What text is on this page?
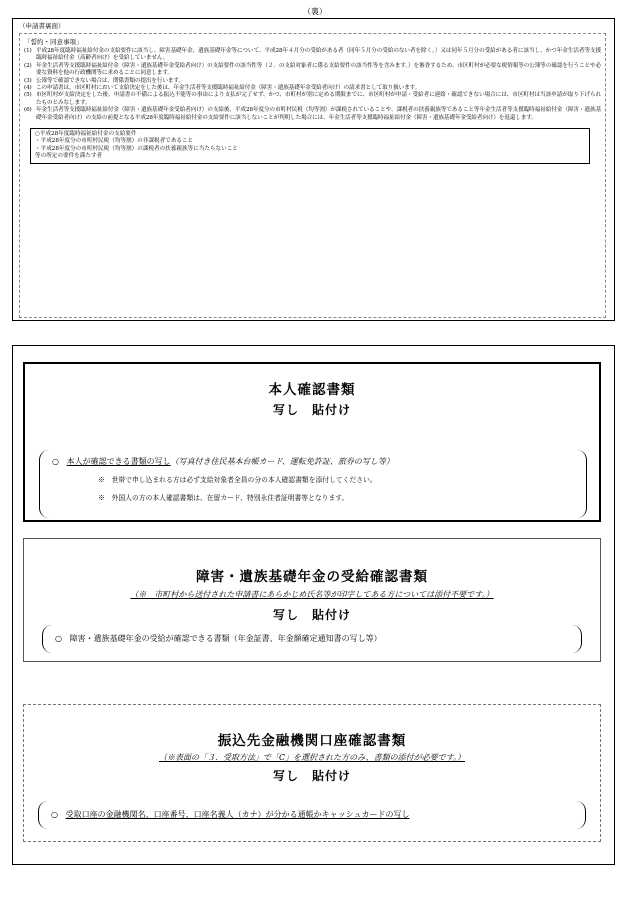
（裏）
（申請書裏面）
「誓約・同意事項」
(1) 平成28年度臨時福祉給付金の支給要件に該当し、障害基礎年金、遺族基礎年金等について、平成28年４月分の受給がある者（同年５月分の受給のない者を除く。）又は同年５月分の受給がある者に該当し、かつ年金生活者等支援臨時福祉給付金（高齢者向け）を受給していません。
(2) 年金生活者等支援臨時福祉給付金（障害・遺族基礎年金受給者向け）の支給要件の該当性等（２．の支給対象者に係る支給要件の該当性等を含みます。）を審査するため、市区町村が必要な税情報等の公簿等の確認を行うことや必要な資料を他の行政機関等に求めることに同意します。
(3) 公簿等で確認できない場合は、関係書類の提出を行います。
(4) この申請書は、市区町村において支給決定をした後は、年金生活者等支援臨時福祉給付金（障害・遺族基礎年金受給者向け）の請求書として取り扱います。
(5) 市区町村が支給決定をした後、申請書の不備による振込不能等の事由により支払が完了せず、かつ、市町村が別に定める期限までに、市区町村が申請・受給者に連絡・確認できない場合には、市区町村は当該申請が取り下げられたものとみなします。
(6) 年金生活者等支援臨時福祉給付金（障害・遺族基礎年金受給者向け）の支給後、平成28年度分の市町村民税（均等割）が課税されていることや、課税者の扶養親族等であること等年金生活者等支援臨時福祉給付金（障害・遺族基礎年金受給者向け）の支給の前提となる平成28年度臨時福祉給付金の支給要件に該当しないことが判明した場合には、年金生活者等支援臨時福祉給付金（障害・遺族基礎年金受給者向け）を返還します。
○平成28年度臨時福祉給付金の支給要件
・平成28年度分の市町村民税（均等割）の非課税者であること
・平成28年度分の市町村民税（均等割）の課税者の扶養親族等に当たらないこと
等の所定の要件を満たす者
本人確認書類
写し　貼付け
○ 本人が確認できる書類の写し（写真付き住民基本台帳カード、運転免許証、旅券の写し等）
※　世帯で申し込まれる方は必ず支給対象者全員の分の本人確認書類を添付してください。
※　外国人の方の本人確認書類は、在留カード、特別永住者証明書等となります。
障害・遺族基礎年金の受給確認書類
（※　市町村から送付された申請書にあらかじめ氏名等が印字してある方については添付不要です。）
写し　貼付け
○ 障害・遺族基礎年金の受給が確認できる書類（年金証書、年金額確定通知書の写し等）
振込先金融機関口座確認書類
（※表面の「３．受取方法」で「C」を選択された方のみ、書類の添付が必要です。）
写し　貼付け
○ 受取口座の金融機関名、口座番号、口座名義人（カナ）が分かる通帳かキャッシュカードの写し
